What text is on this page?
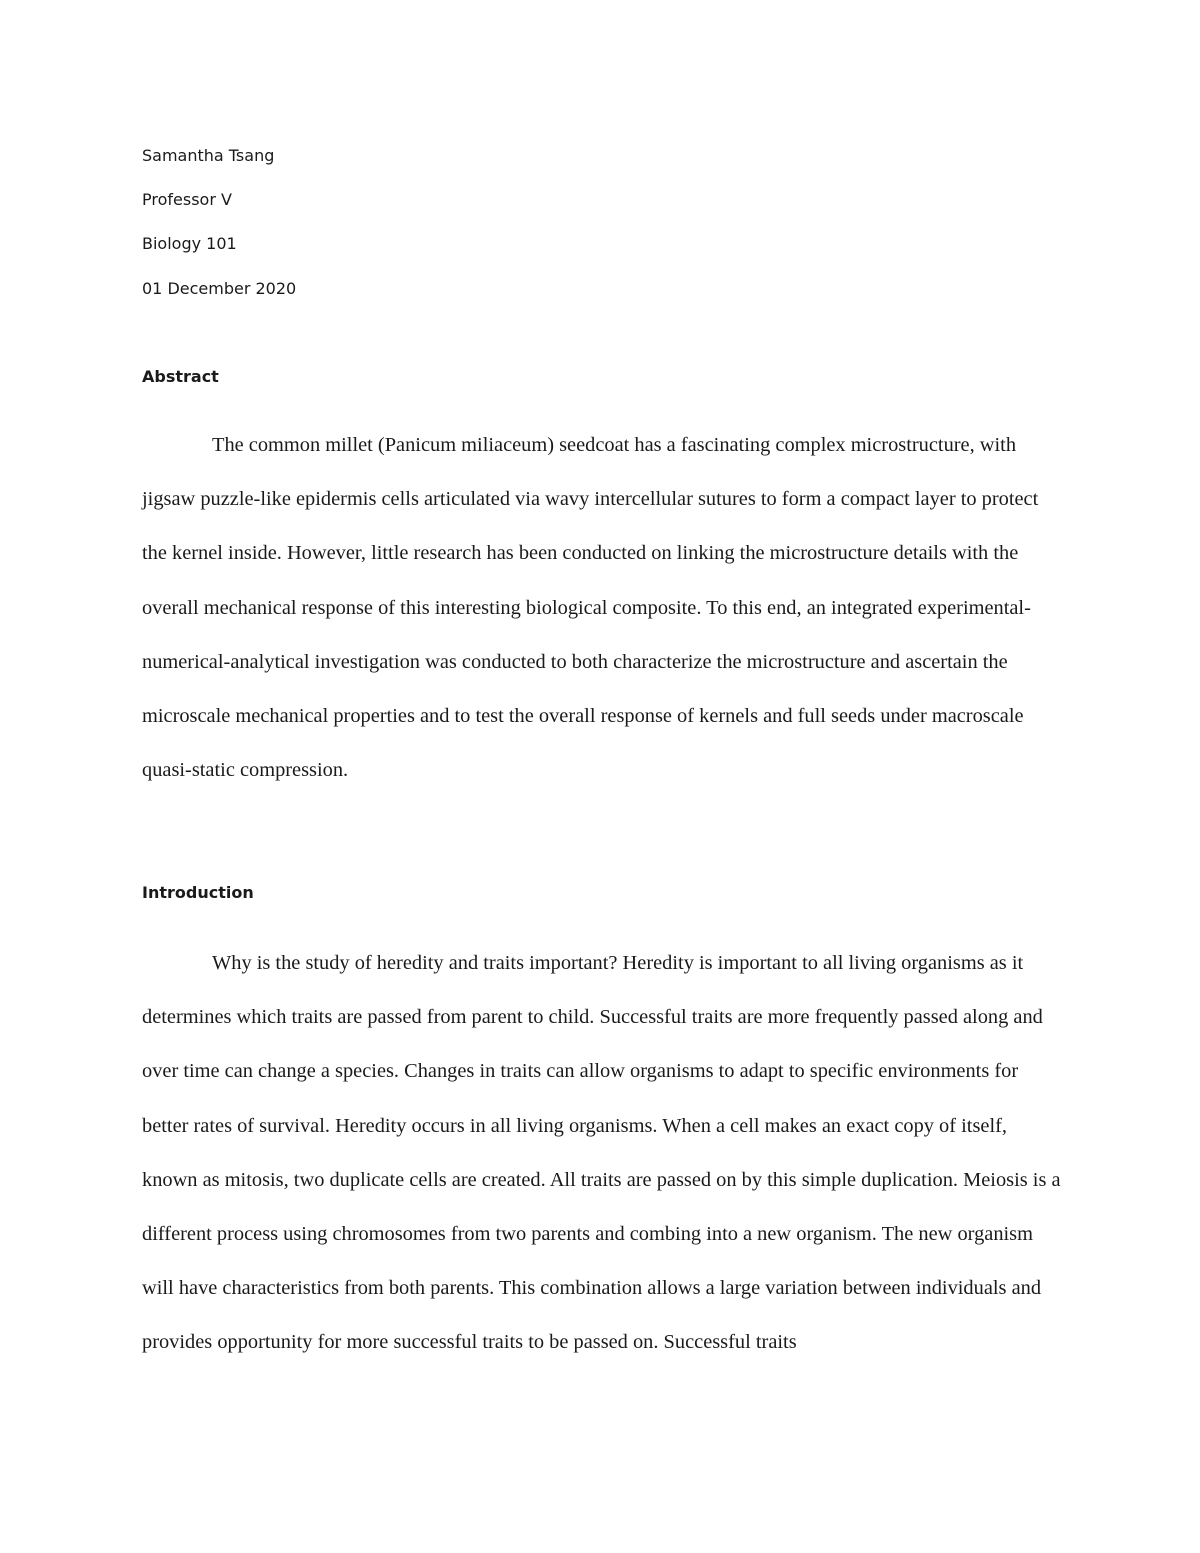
Samantha Tsang
Professor V
Biology 101
01 December 2020
Abstract

The common millet (Panicum miliaceum) seedcoat has a fascinating complex microstructure, with jigsaw puzzle-like epidermis cells articulated via wavy intercellular sutures to form a compact layer to protect the kernel inside. However, little research has been conducted on linking the microstructure details with the overall mechanical response of this interesting biological composite. To this end, an integrated experimental-numerical-analytical investigation was conducted to both characterize the microstructure and ascertain the microscale mechanical properties and to test the overall response of kernels and full seeds under macroscale quasi-static compression.

Introduction

Why is the study of heredity and traits important? Heredity is important to all living organisms as it determines which traits are passed from parent to child. Successful traits are more frequently passed along and over time can change a species. Changes in traits can allow organisms to adapt to specific environments for better rates of survival. Heredity occurs in all living organisms. When a cell makes an exact copy of itself, known as mitosis, two duplicate cells are created. All traits are passed on by this simple duplication. Meiosis is a different process using chromosomes from two parents and combing into a new organism. The new organism will have characteristics from both parents. This combination allows a large variation between individuals and provides opportunity for more successful traits to be passed on. Successful traits
